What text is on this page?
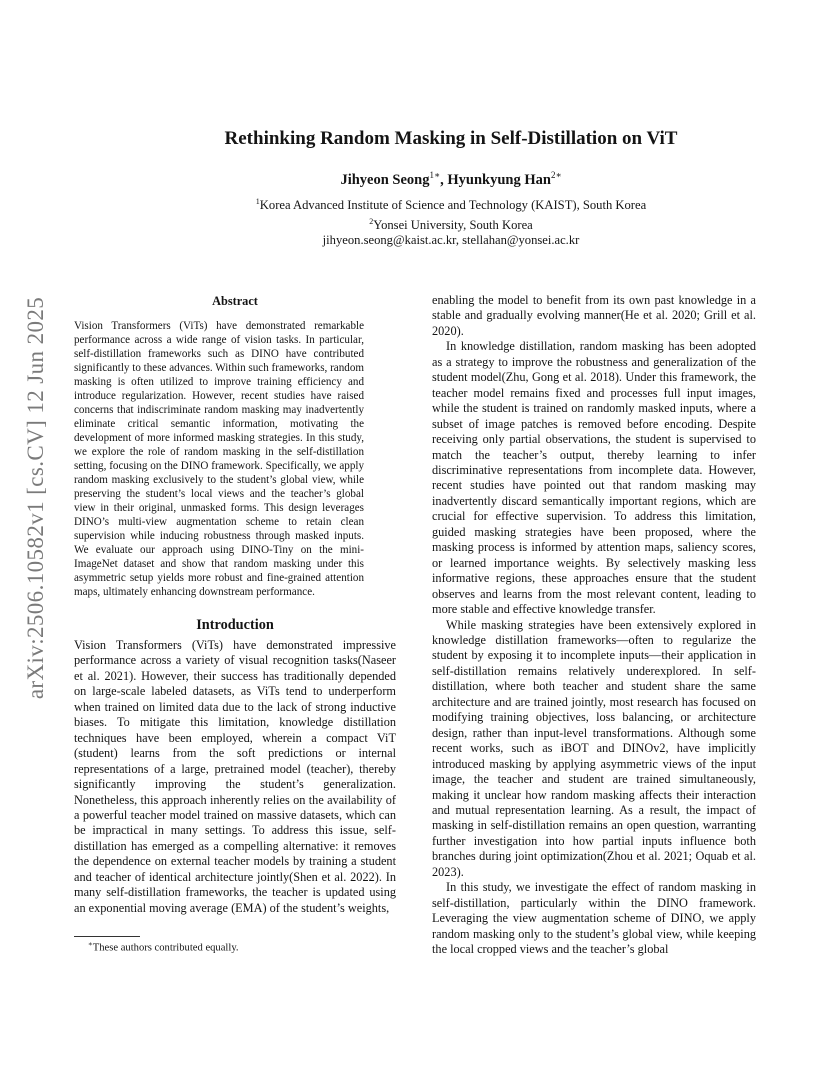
arXiv:2506.10582v1 [cs.CV] 12 Jun 2025
Rethinking Random Masking in Self-Distillation on ViT
Jihyeon Seong$^{1∗}$, Hyunkyung Han$^{2∗}$
$^1$Korea Advanced Institute of Science and Technology (KAIST), South Korea
$^2$Yonsei University, South Korea
jihyeon.seong@kaist.ac.kr, stellahan@yonsei.ac.kr
Abstract

Vision Transformers (ViTs) have demonstrated remarkable performance across a wide range of vision tasks. In particular, self-distillation frameworks such as DINO have contributed significantly to these advances. Within such frameworks, random masking is often utilized to improve training efficiency and introduce regularization. However, recent studies have raised concerns that indiscriminate random masking may inadvertently eliminate critical semantic information, motivating the development of more informed masking strategies. In this study, we explore the role of random masking in the self-distillation setting, focusing on the DINO framework. Specifically, we apply random masking exclusively to the student’s global view, while preserving the student’s local views and the teacher’s global view in their original, unmasked forms. This design leverages DINO’s multi-view augmentation scheme to retain clean supervision while inducing robustness through masked inputs. We evaluate our approach using DINO-Tiny on the mini-ImageNet dataset and show that random masking under this asymmetric setup yields more robust and fine-grained attention maps, ultimately enhancing downstream performance.

Introduction

Vision Transformers (ViTs) have demonstrated impressive performance across a variety of visual recognition tasks(Naseer et al. 2021). However, their success has traditionally depended on large-scale labeled datasets, as ViTs tend to underperform when trained on limited data due to the lack of strong inductive biases. To mitigate this limitation, knowledge distillation techniques have been employed, wherein a compact ViT (student) learns from the soft predictions or internal representations of a large, pretrained model (teacher), thereby significantly improving the student’s generalization. Nonetheless, this approach inherently relies on the availability of a powerful teacher model trained on massive datasets, which can be impractical in many settings. To address this issue, self-distillation has emerged as a compelling alternative: it removes the dependence on external teacher models by training a student and teacher of identical architecture jointly(Shen et al. 2022). In many self-distillation frameworks, the teacher is updated using an exponential moving average (EMA) of the student’s weights,

enabling the model to benefit from its own past knowledge in a stable and gradually evolving manner(He et al. 2020; Grill et al. 2020).

In knowledge distillation, random masking has been adopted as a strategy to improve the robustness and generalization of the student model(Zhu, Gong et al. 2018). Under this framework, the teacher model remains fixed and processes full input images, while the student is trained on randomly masked inputs, where a subset of image patches is removed before encoding. Despite receiving only partial observations, the student is supervised to match the teacher’s output, thereby learning to infer discriminative representations from incomplete data. However, recent studies have pointed out that random masking may inadvertently discard semantically important regions, which are crucial for effective supervision. To address this limitation, guided masking strategies have been proposed, where the masking process is informed by attention maps, saliency scores, or learned importance weights. By selectively masking less informative regions, these approaches ensure that the student observes and learns from the most relevant content, leading to more stable and effective knowledge transfer.

While masking strategies have been extensively explored in knowledge distillation frameworks—often to regularize the student by exposing it to incomplete inputs—their application in self-distillation remains relatively underexplored. In self-distillation, where both teacher and student share the same architecture and are trained jointly, most research has focused on modifying training objectives, loss balancing, or architecture design, rather than input-level transformations. Although some recent works, such as iBOT and DINOv2, have implicitly introduced masking by applying asymmetric views of the input image, the teacher and student are trained simultaneously, making it unclear how random masking affects their interaction and mutual representation learning. As a result, the impact of masking in self-distillation remains an open question, warranting further investigation into how partial inputs influence both branches during joint optimization(Zhou et al. 2021; Oquab et al. 2023).

In this study, we investigate the effect of random masking in self-distillation, particularly within the DINO framework. Leveraging the view augmentation scheme of DINO, we apply random masking only to the student’s global view, while keeping the local cropped views and the teacher’s global

∗These authors contributed equally.
